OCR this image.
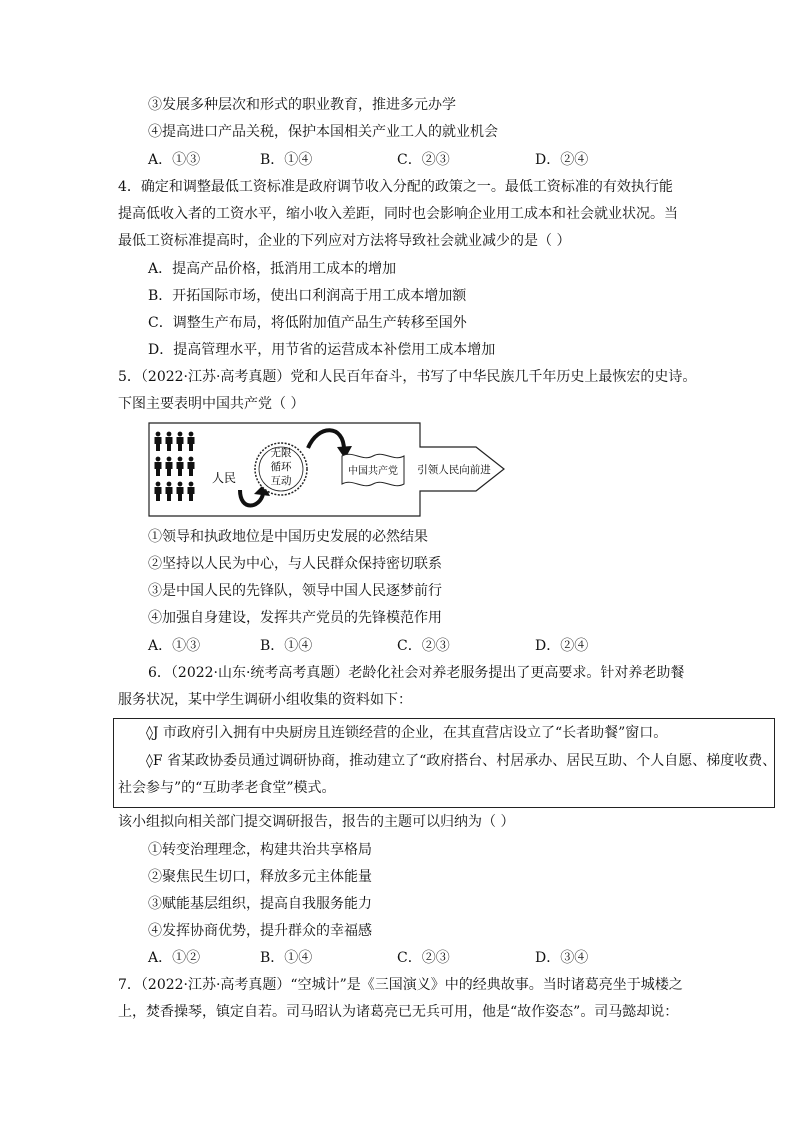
③发展多种层次和形式的职业教育，推进多元办学
④提高进口产品关税，保护本国相关产业工人的就业机会
A．①③	B．①④	C．②③	D．②④
4．确定和调整最低工资标准是政府调节收入分配的政策之一。最低工资标准的有效执行能
提高低收入者的工资水平，缩小收入差距，同时也会影响企业用工成本和社会就业状况。当
最低工资标准提高时，企业的下列应对方法将导致社会就业减少的是（ ）
A．提高产品价格，抵消用工成本的增加
B．开拓国际市场，使出口利润高于用工成本增加额
C．调整生产布局，将低附加值产品生产转移至国外
D．提高管理水平，用节省的运营成本补偿用工成本增加
5．（2022·江苏·高考真题）党和人民百年奋斗，书写了中华民族几千年历史上最恢宏的史诗。
下图主要表明中国共产党（ ）
人民
无限
循环
互动
中国共产党 引领人民向前进
①领导和执政地位是中国历史发展的必然结果
②坚持以人民为中心，与人民群众保持密切联系
③是中国人民的先锋队，领导中国人民逐梦前行
④加强自身建设，发挥共产党员的先锋模范作用
A．①③	B．①④	C．②③	D．②④
6．（2022·山东·统考高考真题）老龄化社会对养老服务提出了更高要求。针对养老助餐
服务状况，某中学生调研小组收集的资料如下：
◊J 市政府引入拥有中央厨房且连锁经营的企业，在其直营店设立了“长者助餐”窗口。
◊F 省某政协委员通过调研协商，推动建立了“政府搭台、村居承办、居民互助、个人自愿、梯度收费、
社会参与”的“互助孝老食堂”模式。
该小组拟向相关部门提交调研报告，报告的主题可以归纳为（ ）
①转变治理理念，构建共治共享格局
②聚焦民生切口，释放多元主体能量
③赋能基层组织，提高自我服务能力
④发挥协商优势，提升群众的幸福感
A．①②	B．①④	C．②③	D．③④
7．（2022·江苏·高考真题）“空城计”是《三国演义》中的经典故事。当时诸葛亮坐于城楼之
上，焚香操琴，镇定自若。司马昭认为诸葛亮已无兵可用，他是“故作姿态”。司马懿却说：
